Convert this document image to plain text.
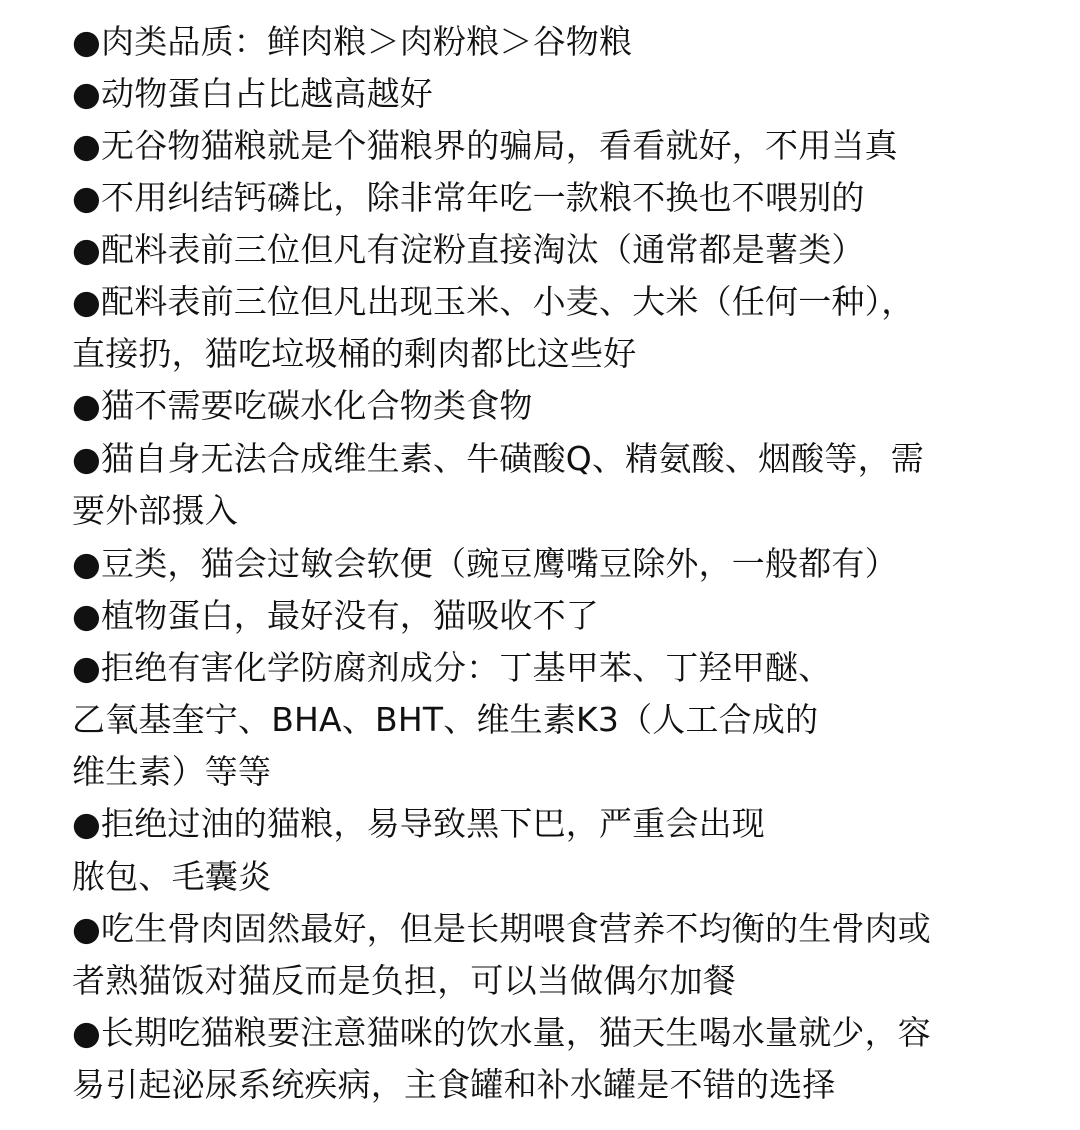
●肉类品质：鲜肉粮＞肉粉粮＞谷物粮
●动物蛋白占比越高越好
●无谷物猫粮就是个猫粮界的骗局，看看就好，不用当真
●不用纠结钙磷比，除非常年吃一款粮不换也不喂别的
●配料表前三位但凡有淀粉直接淘汰（通常都是薯类）
●配料表前三位但凡出现玉米、小麦、大米（任何一种），
直接扔，猫吃垃圾桶的剩肉都比这些好
●猫不需要吃碳水化合物类食物
●猫自身无法合成维生素、牛磺酸Q、精氨酸、烟酸等，需
要外部摄入
●豆类，猫会过敏会软便（豌豆鹰嘴豆除外，一般都有）
●植物蛋白，最好没有，猫吸收不了
●拒绝有害化学防腐剂成分：丁基甲苯、丁羟甲醚、
乙氧基奎宁、BHA、BHT、维生素K3（人工合成的
维生素）等等
●拒绝过油的猫粮，易导致黑下巴，严重会出现
脓包、毛囊炎
●吃生骨肉固然最好，但是长期喂食营养不均衡的生骨肉或
者熟猫饭对猫反而是负担，可以当做偶尔加餐
●长期吃猫粮要注意猫咪的饮水量，猫天生喝水量就少，容
易引起泌尿系统疾病，主食罐和补水罐是不错的选择
